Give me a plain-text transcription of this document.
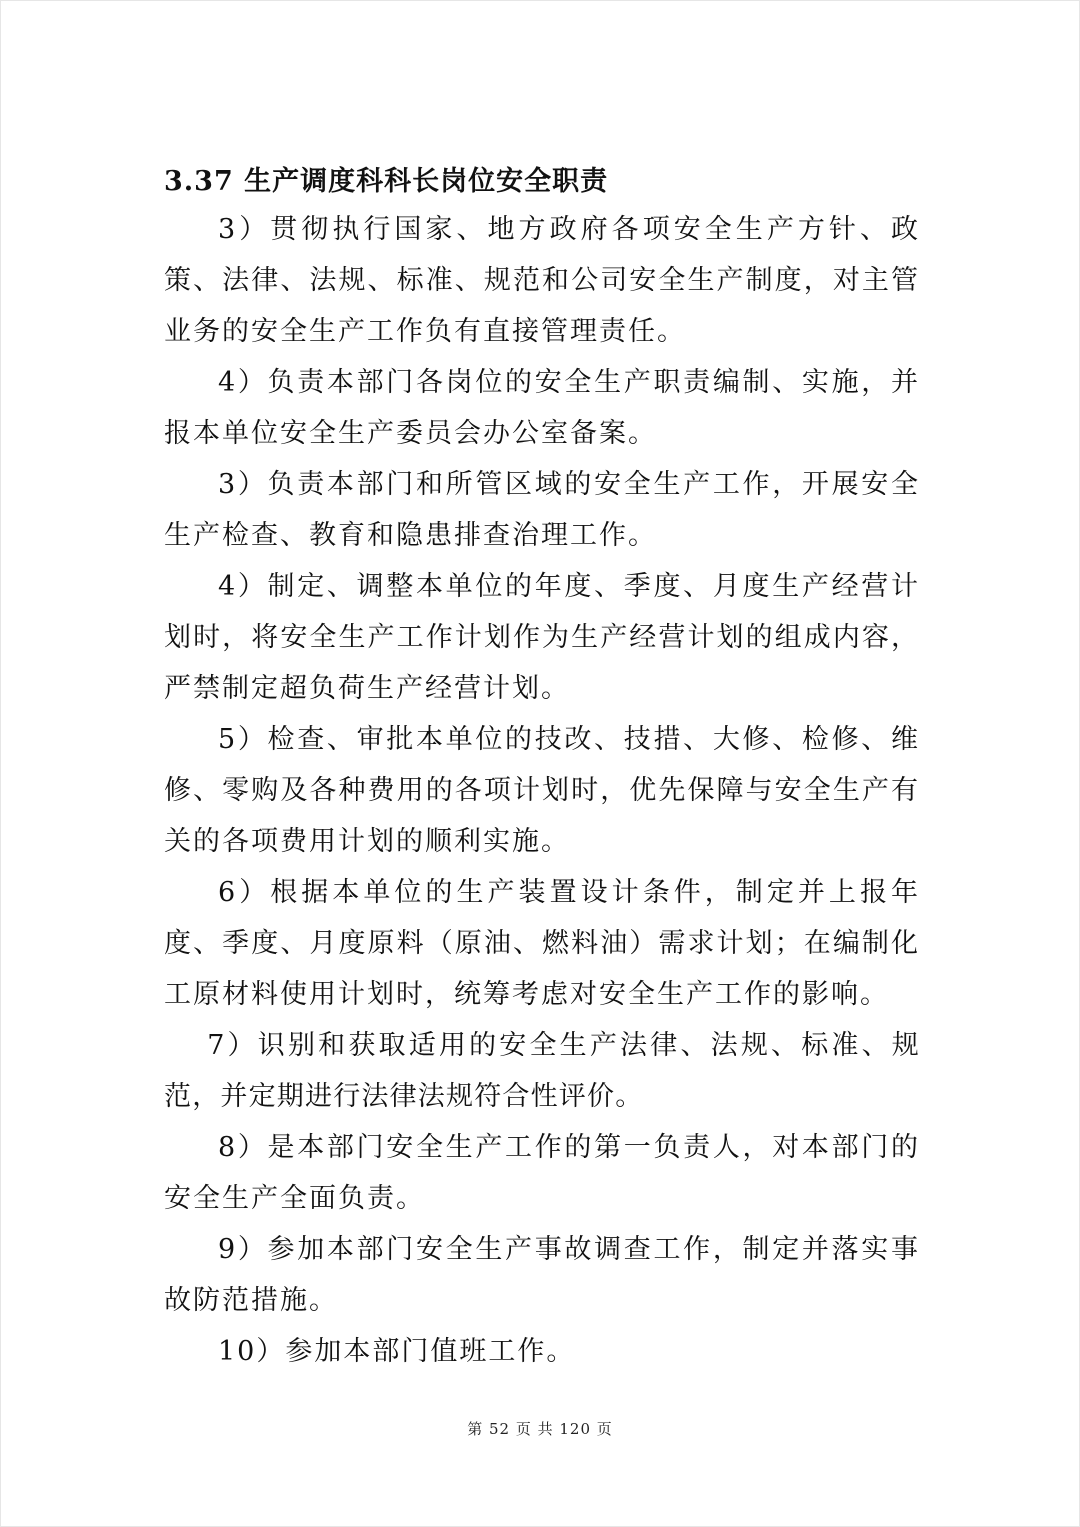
3.37 生产调度科科长岗位安全职责

3）贯彻执行国家、地方政府各项安全生产方针、政策、法律、法规、标准、规范和公司安全生产制度，对主管业务的安全生产工作负有直接管理责任。

4）负责本部门各岗位的安全生产职责编制、实施，并报本单位安全生产委员会办公室备案。

3）负责本部门和所管区域的安全生产工作，开展安全生产检查、教育和隐患排查治理工作。

4）制定、调整本单位的年度、季度、月度生产经营计划时，将安全生产工作计划作为生产经营计划的组成内容，严禁制定超负荷生产经营计划。

5）检查、审批本单位的技改、技措、大修、检修、维修、零购及各种费用的各项计划时，优先保障与安全生产有关的各项费用计划的顺利实施。

6）根据本单位的生产装置设计条件，制定并上报年度、季度、月度原料（原油、燃料油）需求计划；在编制化工原材料使用计划时，统筹考虑对安全生产工作的影响。

7）识别和获取适用的安全生产法律、法规、标准、规范，并定期进行法律法规符合性评价。

8）是本部门安全生产工作的第一负责人，对本部门的安全生产全面负责。

9）参加本部门安全生产事故调查工作，制定并落实事故防范措施。

10）参加本部门值班工作。

第 52 页 共 120 页
